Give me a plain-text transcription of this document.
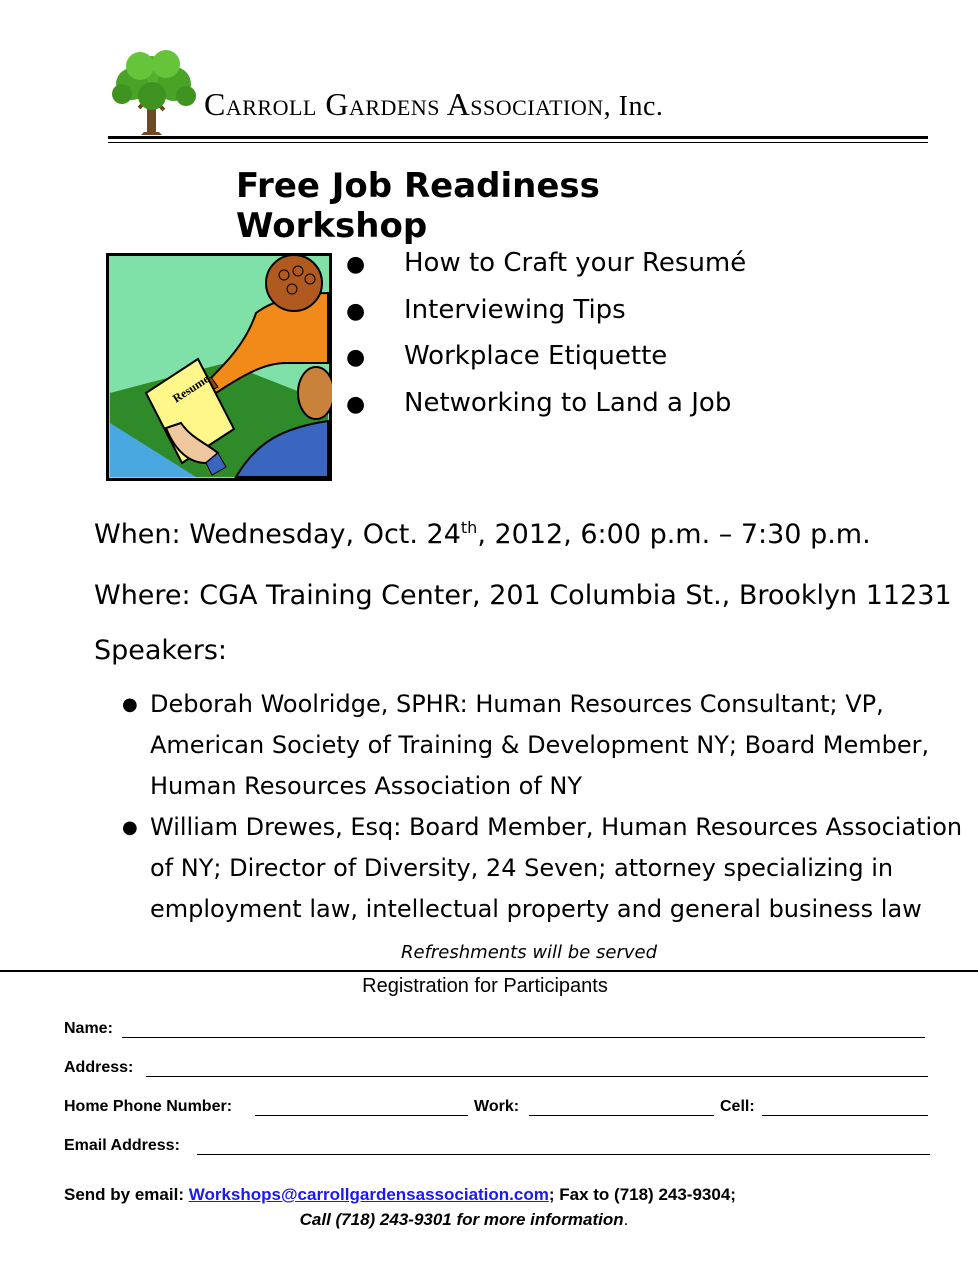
Carroll Gardens Association, Inc.
Free Job Readiness Workshop
Resume
● How to Craft your Resumé
● Interviewing Tips
● Workplace Etiquette
● Networking to Land a Job
When: Wednesday, Oct. 24th, 2012, 6:00 p.m. – 7:30 p.m.
Where: CGA Training Center, 201 Columbia St., Brooklyn 11231
Speakers:
● Deborah Woolridge, SPHR: Human Resources Consultant; VP,
American Society of Training & Development NY; Board Member,
Human Resources Association of NY
● William Drewes, Esq: Board Member, Human Resources Association
of NY; Director of Diversity, 24 Seven; attorney specializing in
employment law, intellectual property and general business law
Refreshments will be served
Registration for Participants
Name:
Address:
Home Phone Number:	Work:	Cell:
Email Address:
Send by email: Workshops@carrollgardensassociation.com; Fax to (718) 243-9304;
Call (718) 243-9301 for more information.
